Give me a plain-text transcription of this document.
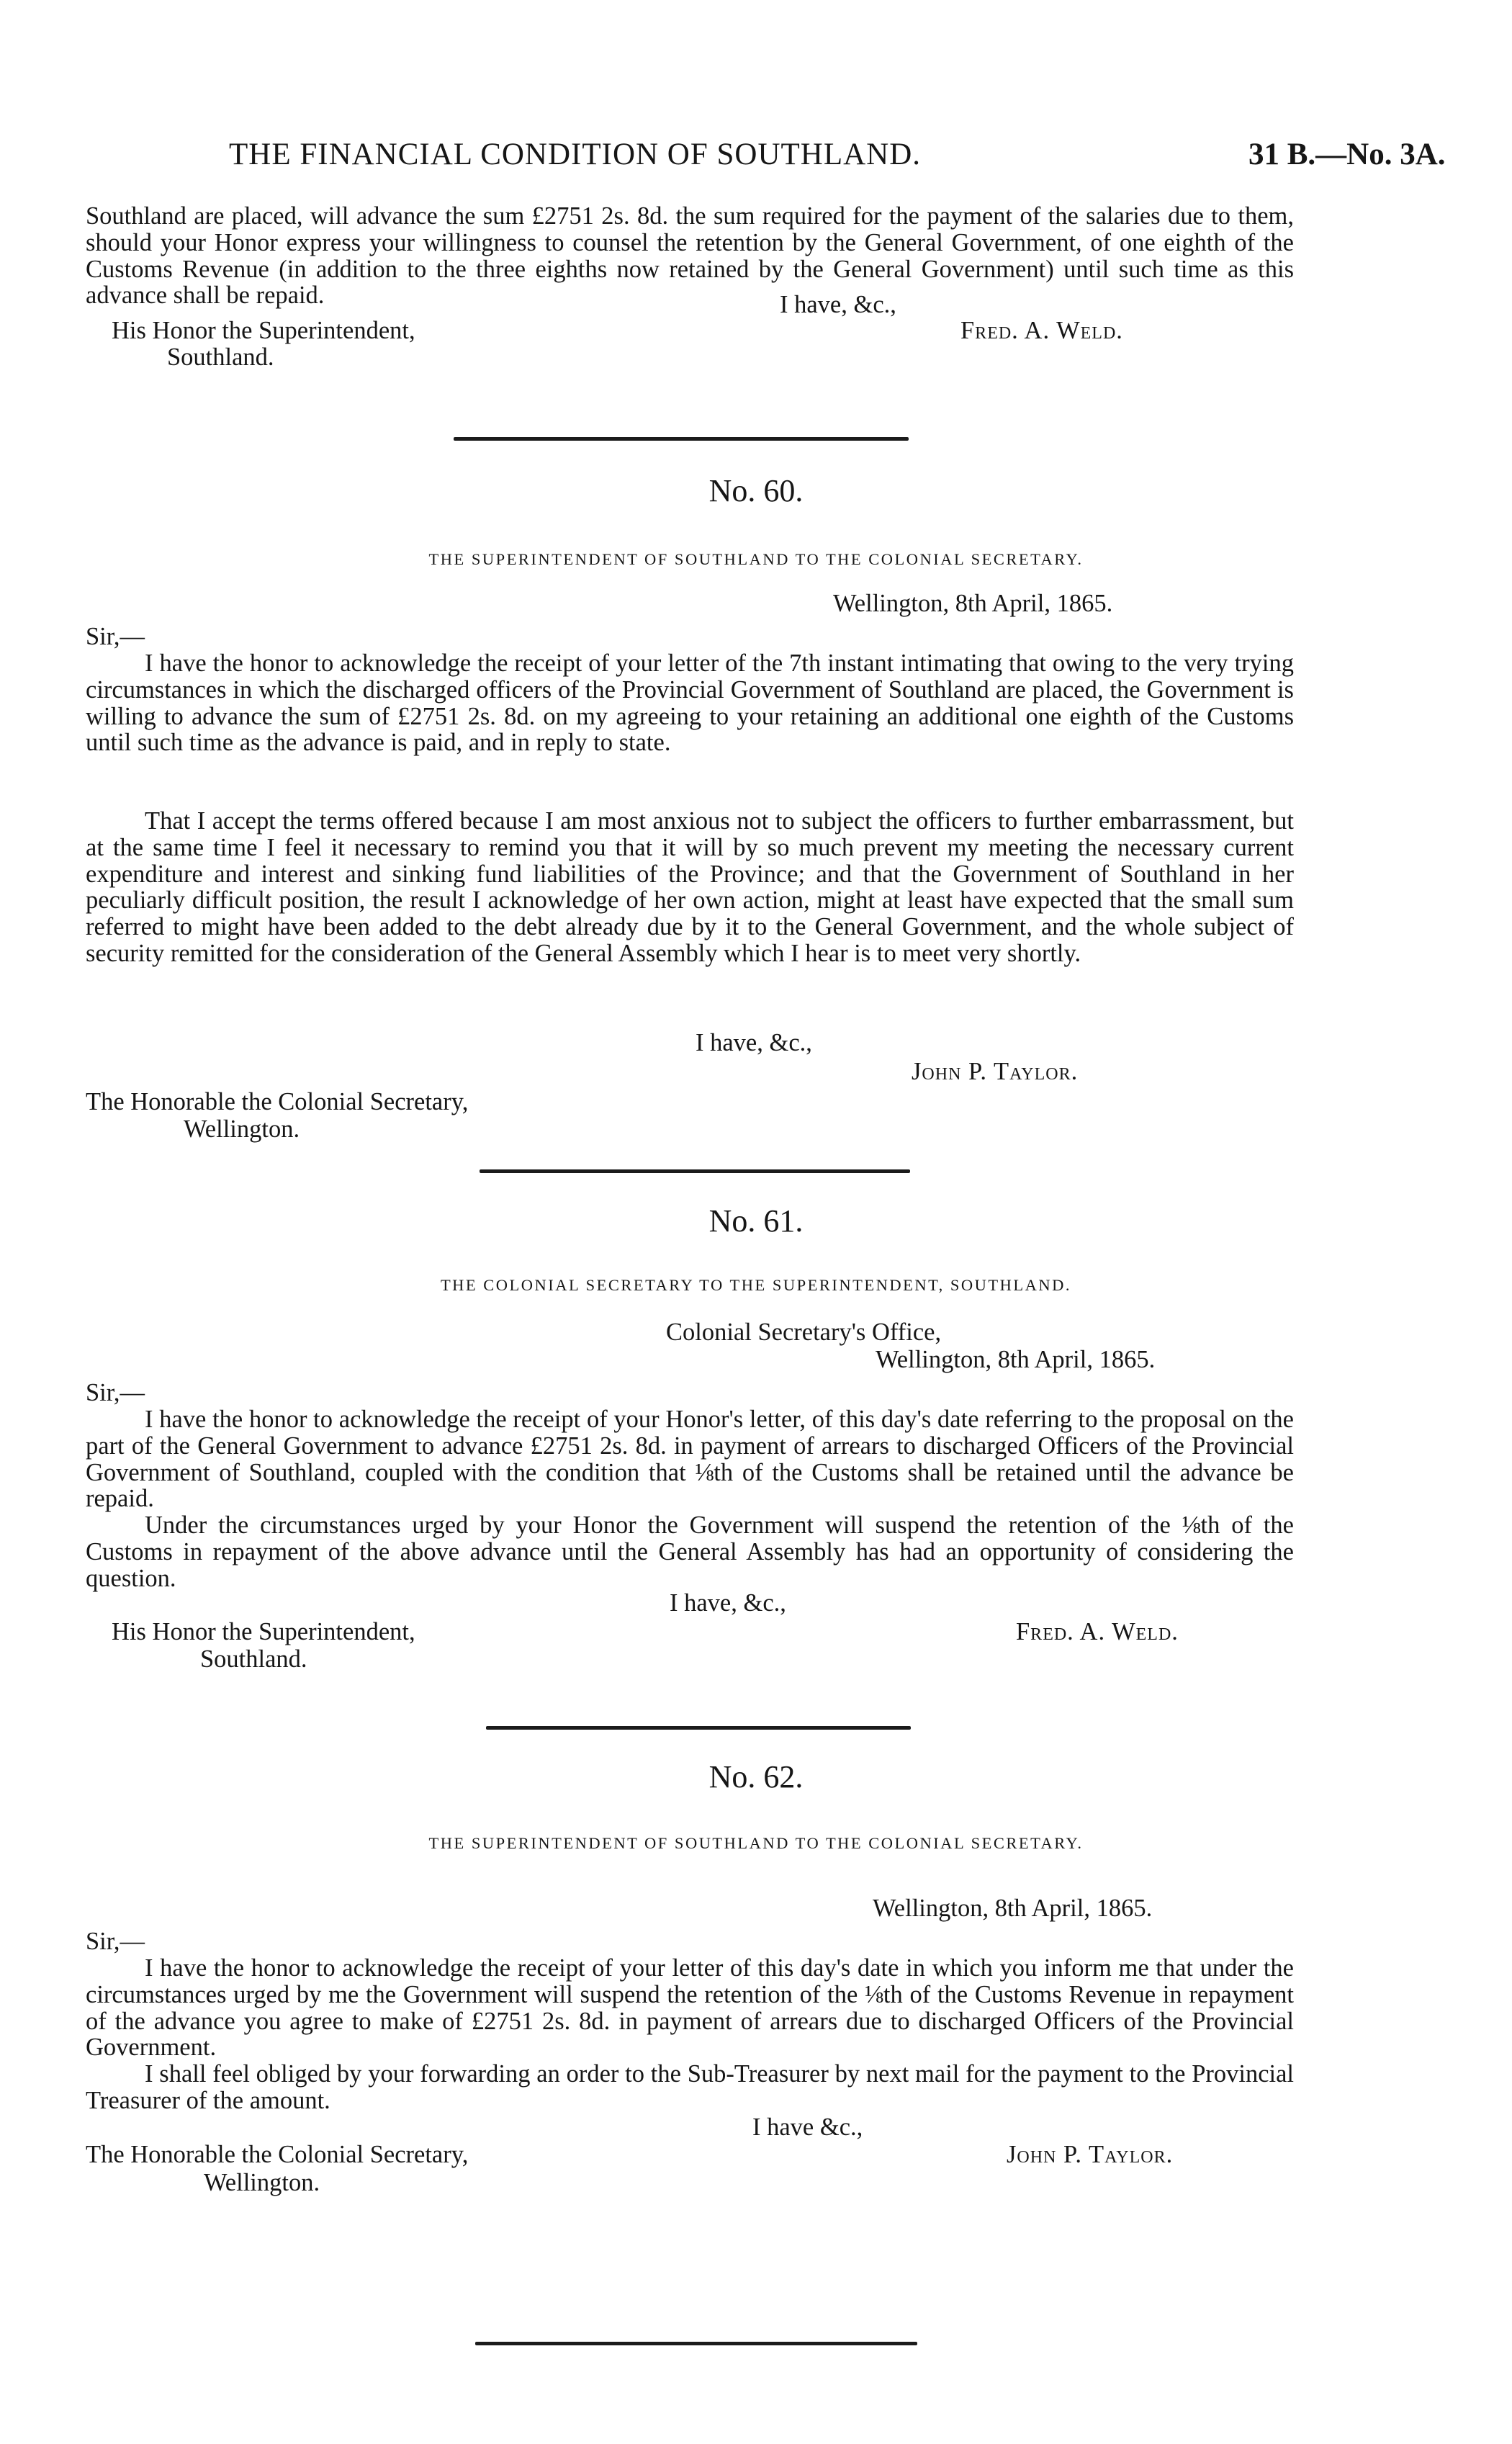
THE FINANCIAL CONDITION OF SOUTHLAND.	31 B.—No. 3A.
Southland are placed, will advance the sum £2751 2s. 8d. the sum required for the payment of the salaries due to them, should your Honor express your willingness to counsel the retention by the General Government, of one eighth of the Customs Revenue (in addition to the three eighths now retained by the General Government) until such time as this advance shall be repaid.	I have, &c.,
His Honor the Superintendent,	Fred. A. Weld.
Southland.
No. 60.
THE SUPERINTENDENT OF SOUTHLAND TO THE COLONIAL SECRETARY.
Wellington, 8th April, 1865.
Sir,—
I have the honor to acknowledge the receipt of your letter of the 7th instant intimating that owing to the very trying circumstances in which the discharged officers of the Provincial Government of Southland are placed, the Government is willing to advance the sum of £2751 2s. 8d. on my agreeing to your retaining an additional one eighth of the Customs until such time as the advance is paid, and in reply to state.
That I accept the terms offered because I am most anxious not to subject the officers to further embarrassment, but at the same time I feel it necessary to remind you that it will by so much prevent my meeting the necessary current expenditure and interest and sinking fund liabilities of the Province; and that the Government of Southland in her peculiarly difficult position, the result I acknowledge of her own action, might at least have expected that the small sum referred to might have been added to the debt already due by it to the General Government, and the whole subject of security remitted for the consideration of the General Assembly which I hear is to meet very shortly.
I have, &c.,
John P. Taylor.
The Honorable the Colonial Secretary,
Wellington.
No. 61.
THE COLONIAL SECRETARY TO THE SUPERINTENDENT, SOUTHLAND.
Colonial Secretary's Office,
Wellington, 8th April, 1865.
Sir,—
I have the honor to acknowledge the receipt of your Honor's letter, of this day's date referring to the proposal on the part of the General Government to advance £2751 2s. 8d. in payment of arrears to discharged Officers of the Provincial Government of Southland, coupled with the condition that ⅛th of the Customs shall be retained until the advance be repaid.
Under the circumstances urged by your Honor the Government will suspend the retention of the ⅛th of the Customs in repayment of the above advance until the General Assembly has had an opportunity of considering the question.
I have, &c.,
His Honor the Superintendent,	Fred. A. Weld.
Southland.
No. 62.
THE SUPERINTENDENT OF SOUTHLAND TO THE COLONIAL SECRETARY.
Wellington, 8th April, 1865.
Sir,—
I have the honor to acknowledge the receipt of your letter of this day's date in which you inform me that under the circumstances urged by me the Government will suspend the retention of the ⅛th of the Customs Revenue in repayment of the advance you agree to make of £2751 2s. 8d. in payment of arrears due to discharged Officers of the Provincial Government.
I shall feel obliged by your forwarding an order to the Sub-Treasurer by next mail for the payment to the Provincial Treasurer of the amount.
I have &c.,
The Honorable the Colonial Secretary,	John P. Taylor.
Wellington.
